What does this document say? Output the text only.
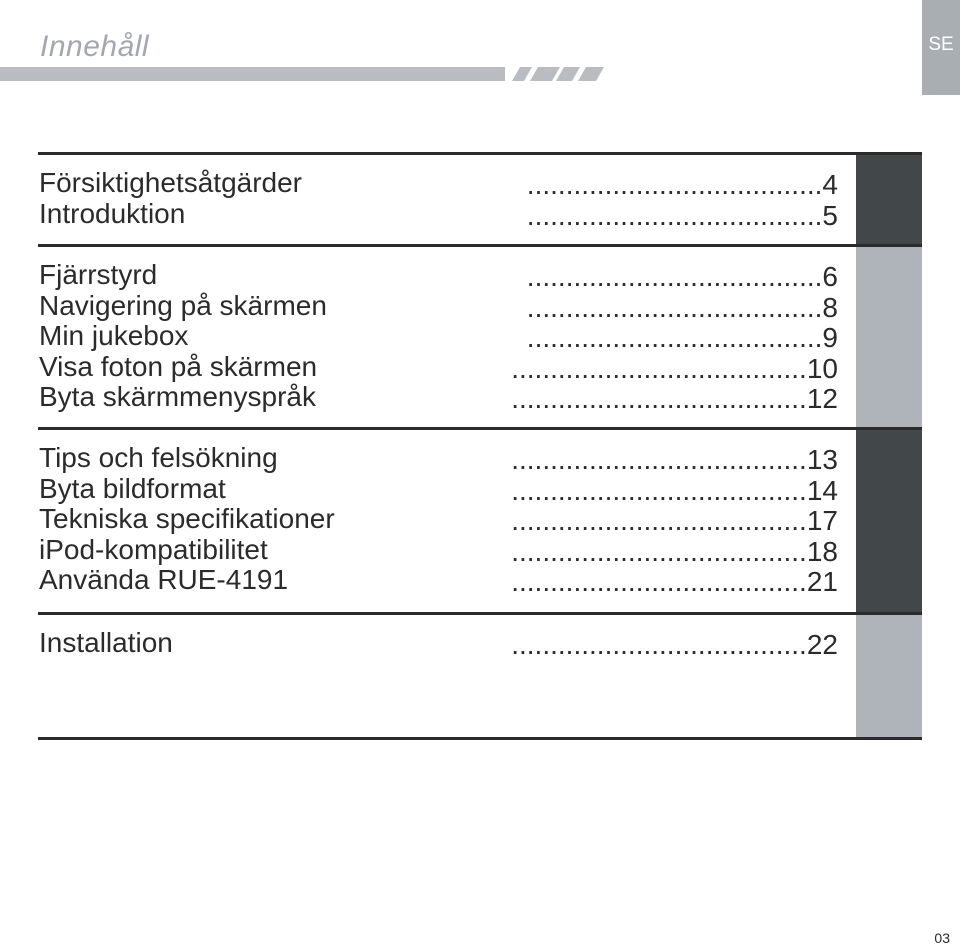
Innehåll	SE
Försiktighetsåtgärder	......................................4
Introduktion	......................................5
Fjärrstyrd	......................................6
Navigering på skärmen	......................................8
Min jukebox	......................................9
Visa foton på skärmen	......................................10
Byta skärmmenyspråk	......................................12
Tips och felsökning	......................................13
Byta bildformat	......................................14
Tekniska specifikationer	......................................17
iPod-kompatibilitet	......................................18
Använda RUE-4191	......................................21
Installation	......................................22
03
